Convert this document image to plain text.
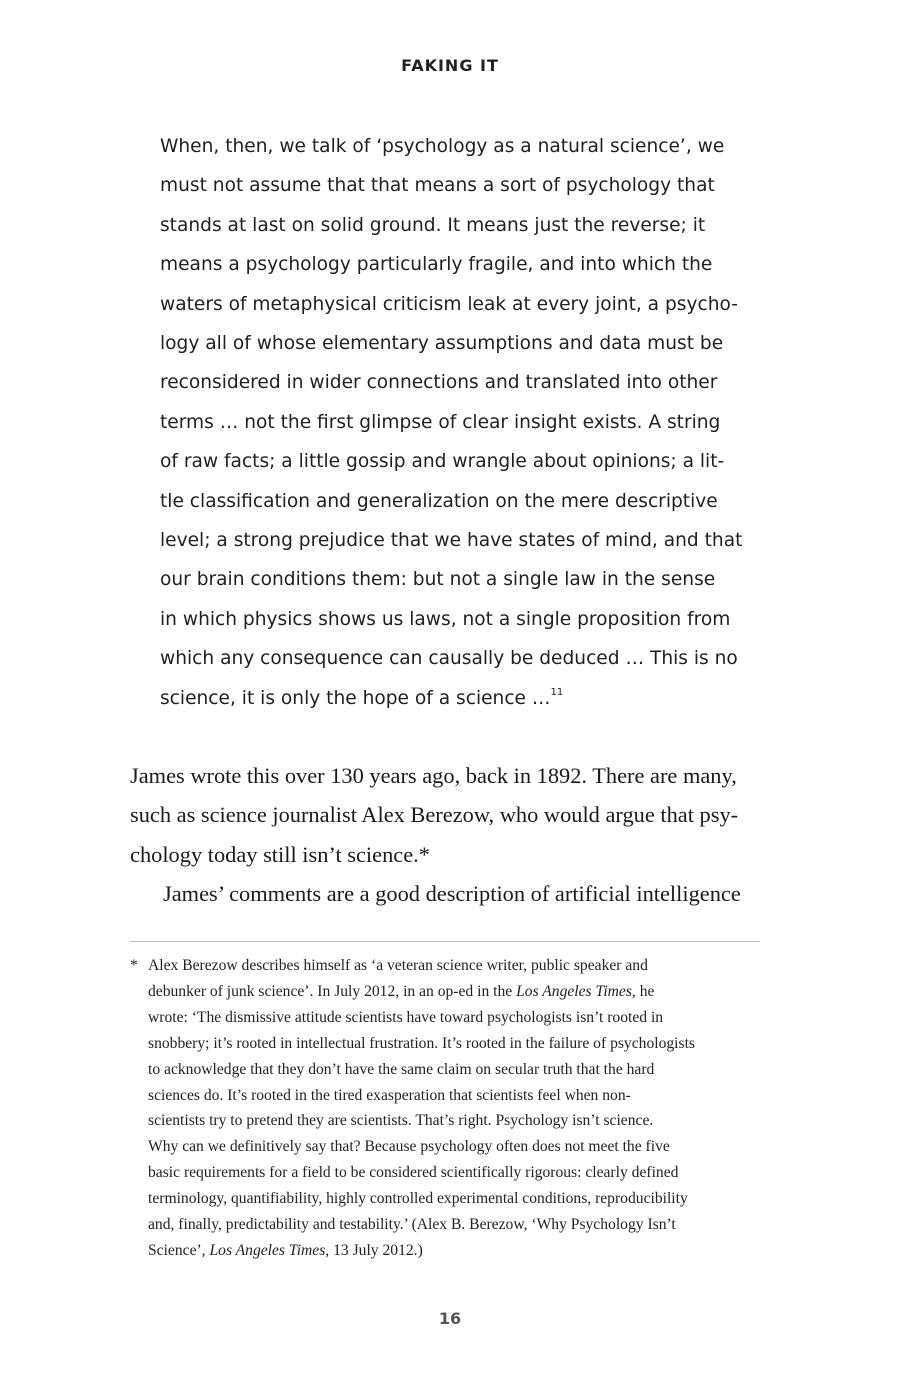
FAKING IT
When, then, we talk of ‘psychology as a natural science’, we
must not assume that that means a sort of psychology that
stands at last on solid ground. It means just the reverse; it
means a psychology particularly fragile, and into which the
waters of metaphysical criticism leak at every joint, a psycho-
logy all of whose elementary assumptions and data must be
reconsidered in wider connections and translated into other
terms … not the first glimpse of clear insight exists. A string
of raw facts; a little gossip and wrangle about opinions; a lit-
tle classification and generalization on the mere descriptive
level; a strong prejudice that we have states of mind, and that
our brain conditions them: but not a single law in the sense
in which physics shows us laws, not a single proposition from
which any consequence can causally be deduced … This is no
science, it is only the hope of a science …$^{11}$
James wrote this over 130 years ago, back in 1892. There are many,
such as science journalist Alex Berezow, who would argue that psy-
chology today still isn’t science.*
James’ comments are a good description of artificial intelligence
* Alex Berezow describes himself as ‘a veteran science writer, public speaker and
debunker of junk science’. In July 2012, in an op-ed in the Los Angeles Times, he
wrote: ‘The dismissive attitude scientists have toward psychologists isn’t rooted in
snobbery; it’s rooted in intellectual frustration. It’s rooted in the failure of psychologists
to acknowledge that they don’t have the same claim on secular truth that the hard
sciences do. It’s rooted in the tired exasperation that scientists feel when non-
scientists try to pretend they are scientists. That’s right. Psychology isn’t science.
Why can we definitively say that? Because psychology often does not meet the five
basic requirements for a field to be considered scientifically rigorous: clearly defined
terminology, quantifiability, highly controlled experimental conditions, reproducibility
and, finally, predictability and testability.’ (Alex B. Berezow, ‘Why Psychology Isn’t
Science’, Los Angeles Times, 13 July 2012.)
16
